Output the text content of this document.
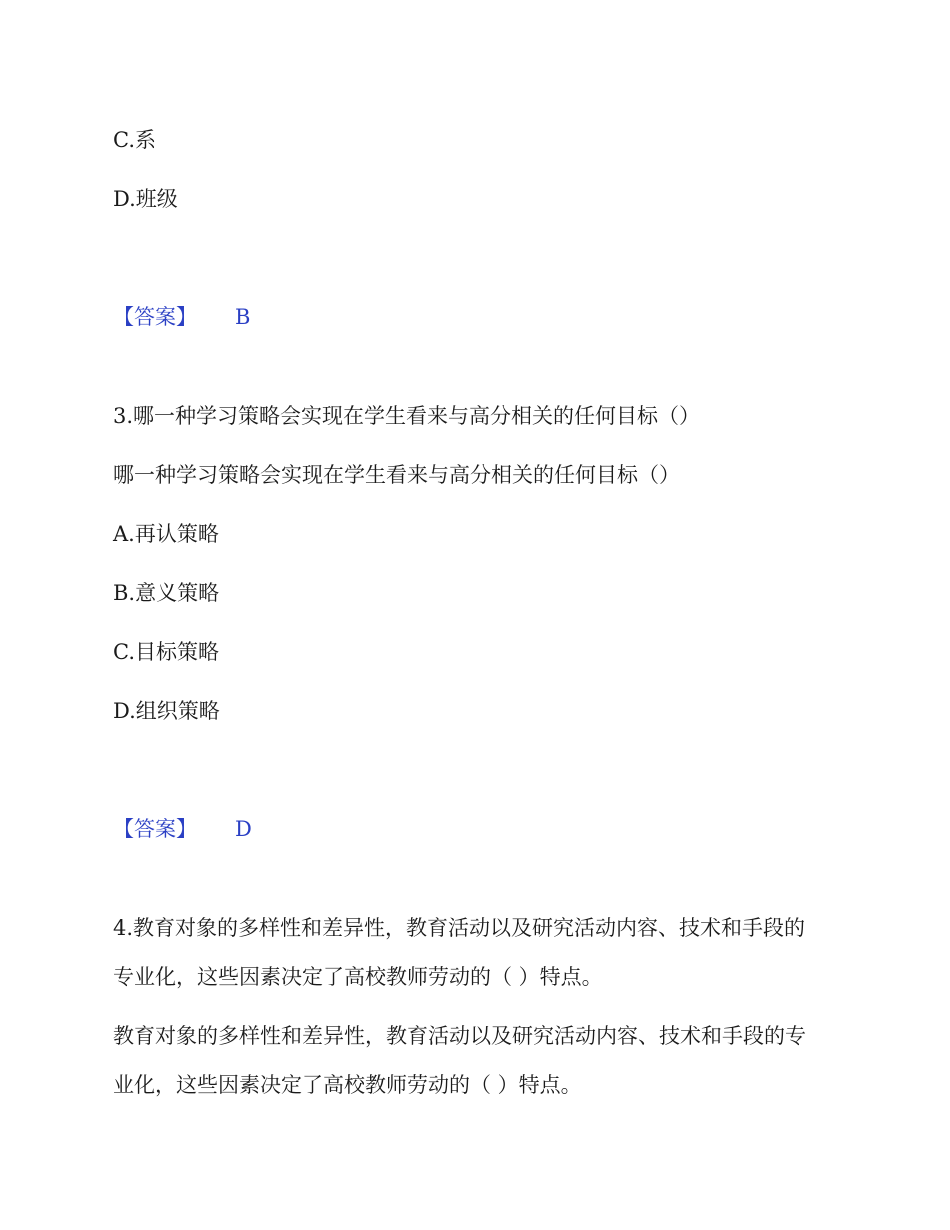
C.系
D.班级
【答案】 B
3.哪一种学习策略会实现在学生看来与高分相关的任何目标（）
哪一种学习策略会实现在学生看来与高分相关的任何目标（）
A.再认策略
B.意义策略
C.目标策略
D.组织策略
【答案】 D
4.教育对象的多样性和差异性，教育活动以及研究活动内容、技术和手段的
专业化，这些因素决定了高校教师劳动的（ ）特点。
教育对象的多样性和差异性，教育活动以及研究活动内容、技术和手段的专
业化，这些因素决定了高校教师劳动的（ ）特点。
